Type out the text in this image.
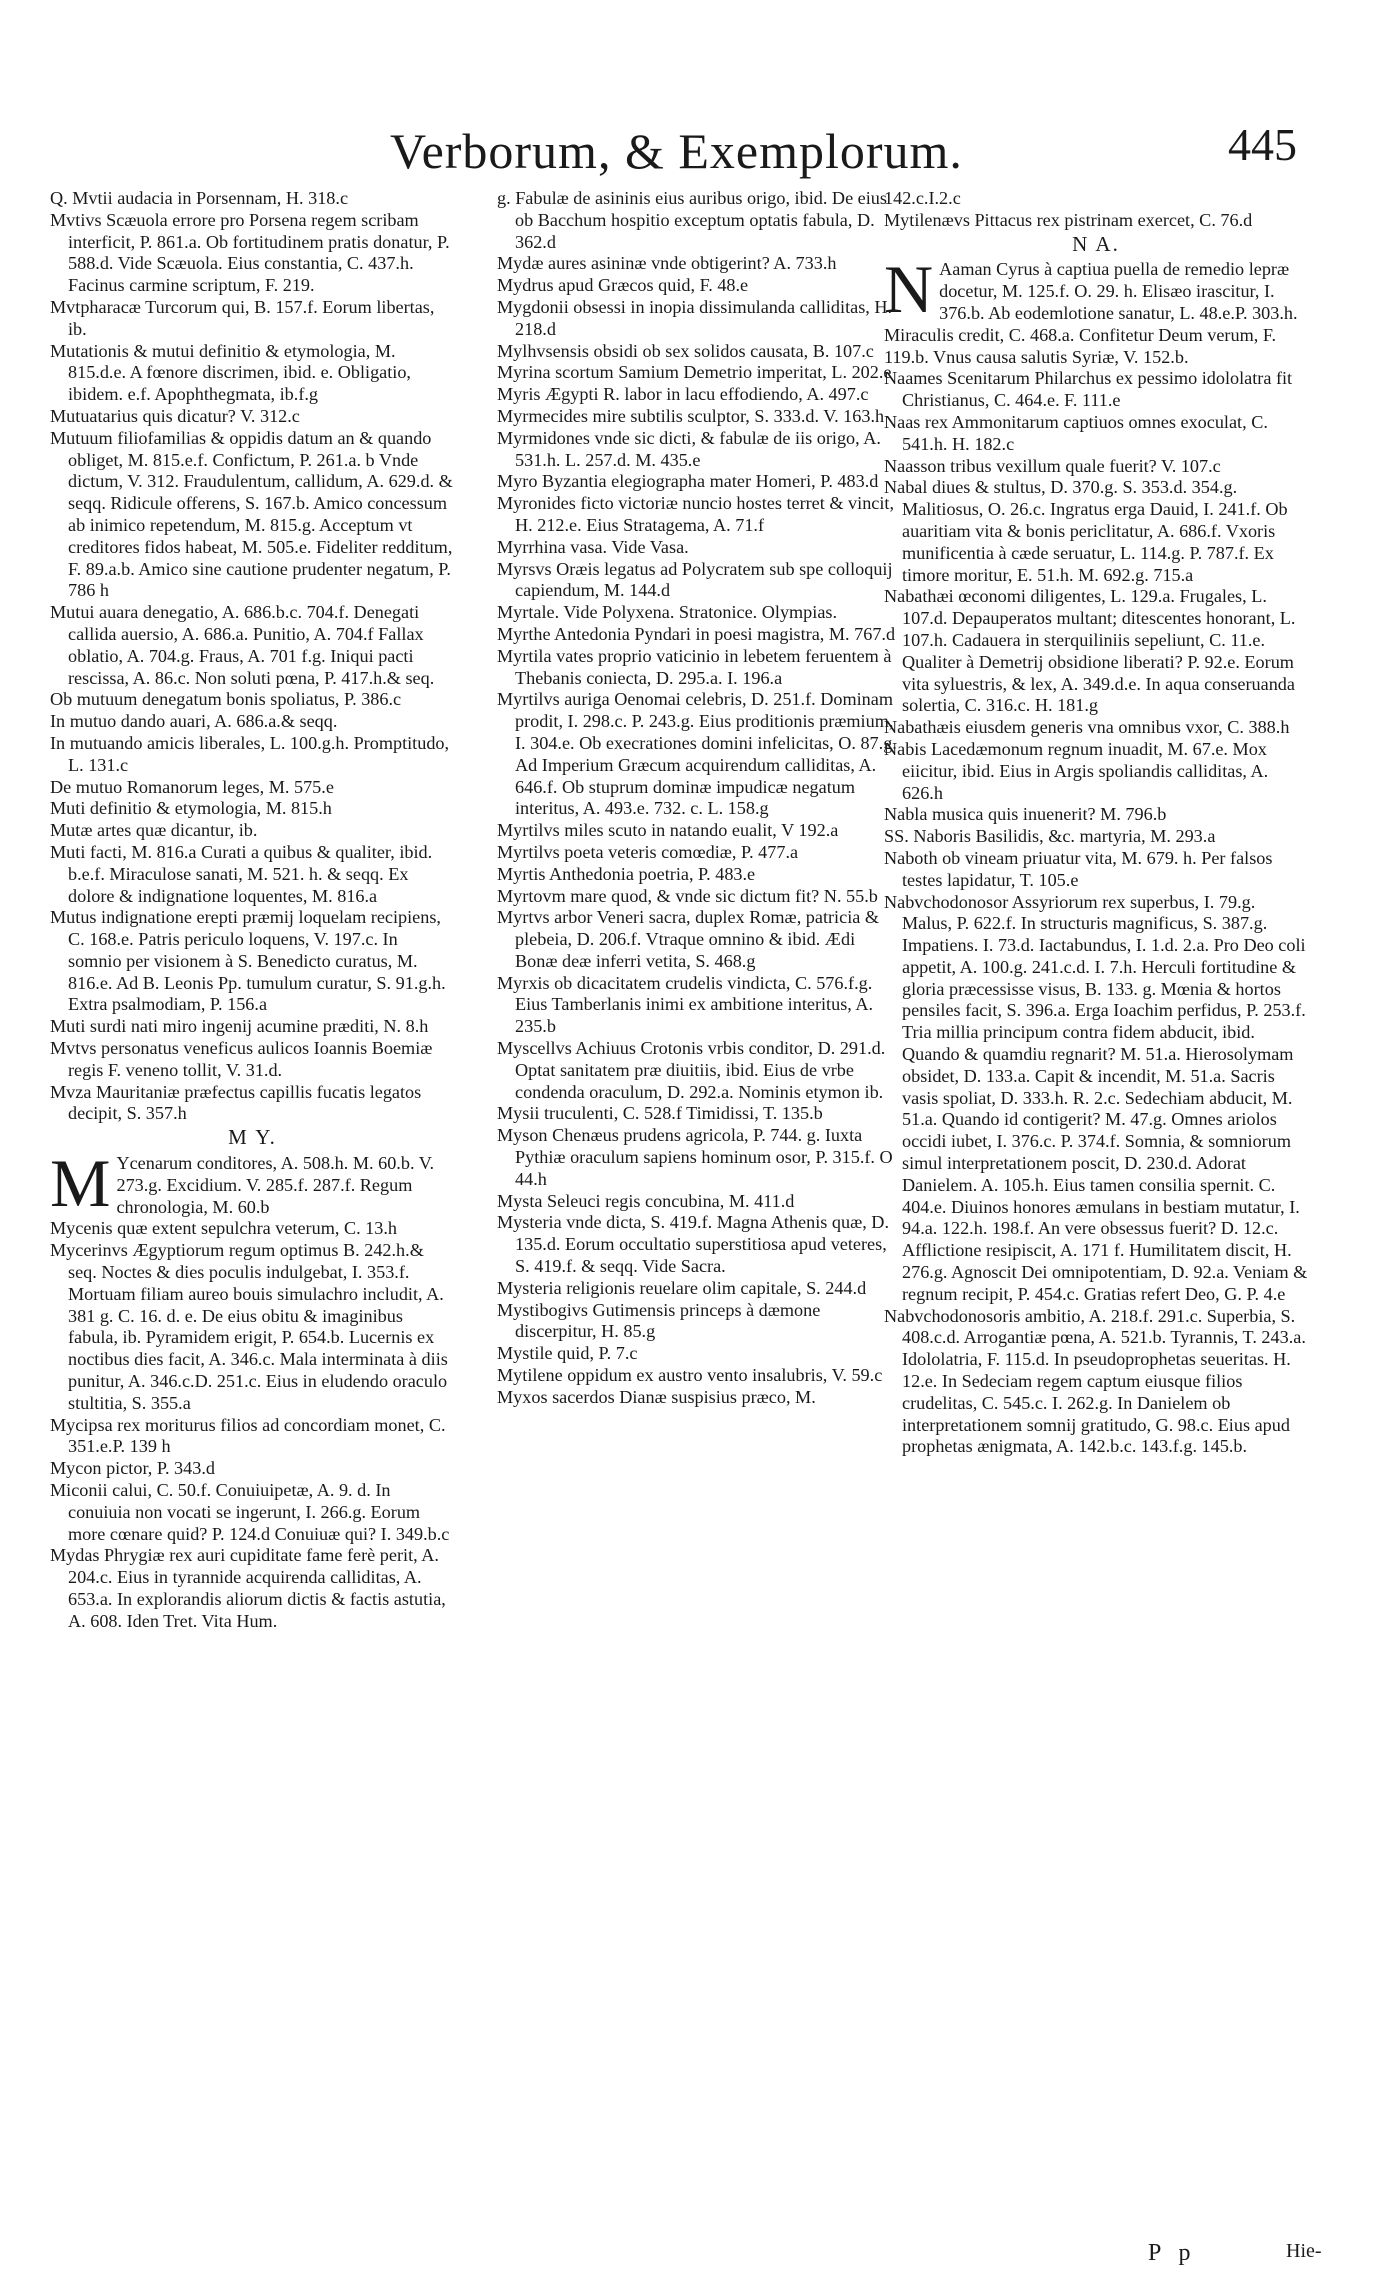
Verborum, & Exemplorum.	445

Q. Mvtii audacia in Porsennam, H. 318.c

Mvtivs Scæuola errore pro Porsena regem scribam interficit, P. 861.a. Ob fortitudinem pratis donatur, P. 588.d. Vide Scæuola. Eius constantia, C. 437.h. Facinus carmine scriptum, F. 219.

Mvtpharacæ Turcorum qui, B. 157.f. Eorum libertas, ib.

Mutationis & mutui definitio & etymologia, M. 815.d.e. A fœnore discrimen, ibid. e. Obligatio, ibidem. e.f. Apophthegmata, ib.f.g

Mutuatarius quis dicatur? V. 312.c

Mutuum filiofamilias & oppidis datum an & quando obliget, M. 815.e.f. Confictum, P. 261.a. b Vnde dictum, V. 312. Fraudulentum, callidum, A. 629.d. & seqq. Ridicule offerens, S. 167.b. Amico concessum ab inimico repetendum, M. 815.g. Acceptum vt creditores fidos habeat, M. 505.e. Fideliter redditum, F. 89.a.b. Amico sine cautione prudenter negatum, P. 786 h

Mutui auara denegatio, A. 686.b.c. 704.f. Denegati callida auersio, A. 686.a. Punitio, A. 704.f Fallax oblatio, A. 704.g. Fraus, A. 701 f.g. Iniqui pacti rescissa, A. 86.c. Non soluti pœna, P. 417.h.& seq.

Ob mutuum denegatum bonis spoliatus, P. 386.c

In mutuo dando auari, A. 686.a.& seqq.

In mutuando amicis liberales, L. 100.g.h. Promptitudo, L. 131.c

De mutuo Romanorum leges, M. 575.e

Muti definitio & etymologia, M. 815.h

Mutæ artes quæ dicantur, ib.

Muti facti, M. 816.a Curati a quibus & qualiter, ibid. b.e.f. Miraculose sanati, M. 521. h. & seqq. Ex dolore & indignatione loquentes, M. 816.a

Mutus indignatione erepti præmij loquelam recipiens, C. 168.e. Patris periculo loquens, V. 197.c. In somnio per visionem à S. Benedicto curatus, M. 816.e. Ad B. Leonis Pp. tumulum curatur, S. 91.g.h. Extra psalmodiam, P. 156.a

Muti surdi nati miro ingenij acumine præditi, N. 8.h

Mvtvs personatus veneficus aulicos Ioannis Boemiæ regis F. veneno tollit, V. 31.d.

Mvza Mauritaniæ præfectus capillis fucatis legatos decipit, S. 357.h

M Y.

M Ycenarum conditores, A. 508.h. M. 60.b. V. 273.g. Excidium. V. 285.f. 287.f. Regum chronologia, M. 60.b

Mycenis quæ extent sepulchra veterum, C. 13.h

Mycerinvs Ægyptiorum regum optimus B. 242.h.& seq. Noctes & dies poculis indulgebat, I. 353.f. Mortuam filiam aureo bouis simulachro includit, A. 381 g. C. 16. d. e. De eius obitu & imaginibus fabula, ib. Pyramidem erigit, P. 654.b. Lucernis ex noctibus dies facit, A. 346.c. Mala interminata à diis punitur, A. 346.c.D. 251.c. Eius in eludendo oraculo stultitia, S. 355.a

Mycipsa rex moriturus filios ad concordiam monet, C. 351.e.P. 139 h

Mycon pictor, P. 343.d

Miconii calui, C. 50.f. Conuiuipetæ, A. 9. d. In conuiuia non vocati se ingerunt, I. 266.g. Eorum more cœnare quid? P. 124.d Conuiuæ qui? I. 349.b.c

Mydas Phrygiæ rex auri cupiditate fame ferè perit, A. 204.c. Eius in tyrannide acquirenda calliditas, A. 653.a. In explorandis aliorum dictis & factis astutia, A. 608. Iden Tret. Vita Hum.

g. Fabulæ de asininis eius auribus origo, ibid. De eius ob Bacchum hospitio exceptum optatis fabula, D. 362.d

Mydæ aures asininæ vnde obtigerint? A. 733.h

Mydrus apud Græcos quid, F. 48.e

Mygdonii obsessi in inopia dissimulanda calliditas, H. 218.d

Mylhvsensis obsidi ob sex solidos causata, B. 107.c

Myrina scortum Samium Demetrio imperitat, L. 202.e

Myris Ægypti R. labor in lacu effodiendo, A. 497.c

Myrmecides mire subtilis sculptor, S. 333.d. V. 163.h

Myrmidones vnde sic dicti, & fabulæ de iis origo, A. 531.h. L. 257.d. M. 435.e

Myro Byzantia elegiographa mater Homeri, P. 483.d

Myronides ficto victoriæ nuncio hostes terret & vincit, H. 212.e. Eius Stratagema, A. 71.f

Myrrhina vasa. Vide Vasa.

Myrsvs Oræis legatus ad Polycratem sub spe colloquij capiendum, M. 144.d

Myrtale. Vide Polyxena. Stratonice. Olympias.

Myrthe Antedonia Pyndari in poesi magistra, M. 767.d

Myrtila vates proprio vaticinio in lebetem feruentem à Thebanis coniecta, D. 295.a. I. 196.a

Myrtilvs auriga Oenomai celebris, D. 251.f. Dominam prodit, I. 298.c. P. 243.g. Eius proditionis præmium, I. 304.e. Ob execrationes domini infelicitas, O. 87.g. Ad Imperium Græcum acquirendum calliditas, A. 646.f. Ob stuprum dominæ impudicæ negatum interitus, A. 493.e. 732. c. L. 158.g

Myrtilvs miles scuto in natando eualit, V 192.a

Myrtilvs poeta veteris comœdiæ, P. 477.a

Myrtis Anthedonia poetria, P. 483.e

Myrtovm mare quod, & vnde sic dictum fit? N. 55.b

Myrtvs arbor Veneri sacra, duplex Romæ, patricia & plebeia, D. 206.f. Vtraque omnino & ibid. Ædi Bonæ deæ inferri vetita, S. 468.g

Myrxis ob dicacitatem crudelis vindicta, C. 576.f.g. Eius Tamberlanis inimi ex ambitione interitus, A. 235.b

Myscellvs Achiuus Crotonis vrbis conditor, D. 291.d. Optat sanitatem præ diuitiis, ibid. Eius de vrbe condenda oraculum, D. 292.a. Nominis etymon ib.

Mysii truculenti, C. 528.f Timidissi, T. 135.b

Myson Chenæus prudens agricola, P. 744. g. Iuxta Pythiæ oraculum sapiens hominum osor, P. 315.f. O 44.h

Mysta Seleuci regis concubina, M. 411.d

Mysteria vnde dicta, S. 419.f. Magna Athenis quæ, D. 135.d. Eorum occultatio superstitiosa apud veteres, S. 419.f. & seqq. Vide Sacra.

Mysteria religionis reuelare olim capitale, S. 244.d

Mystibogivs Gutimensis princeps à dæmone discerpitur, H. 85.g

Mystile quid, P. 7.c

Mytilene oppidum ex austro vento insalubris, V. 59.c

Myxos sacerdos Dianæ suspisius præco, M.

142.c.I.2.c

Mytilenævs Pittacus rex pistrinam exercet, C. 76.d

N A.

N Aaman Cyrus à captiua puella de remedio lepræ docetur, M. 125.f. O. 29. h. Elisæo irascitur, I. 376.b. Ab eodemlotione sanatur, L. 48.e.P. 303.h. Miraculis credit, C. 468.a. Confitetur Deum verum, F. 119.b. Vnus causa salutis Syriæ, V. 152.b.

Naames Scenitarum Philarchus ex pessimo idololatra fit Christianus, C. 464.e. F. 111.e

Naas rex Ammonitarum captiuos omnes exoculat, C. 541.h. H. 182.c

Naasson tribus vexillum quale fuerit? V. 107.c

Nabal diues & stultus, D. 370.g. S. 353.d. 354.g. Malitiosus, O. 26.c. Ingratus erga Dauid, I. 241.f. Ob auaritiam vita & bonis periclitatur, A. 686.f. Vxoris munificentia à cæde seruatur, L. 114.g. P. 787.f. Ex timore moritur, E. 51.h. M. 692.g. 715.a

Nabathæi œconomi diligentes, L. 129.a. Frugales, L. 107.d. Depauperatos multant; ditescentes honorant, L. 107.h. Cadauera in sterquiliniis sepeliunt, C. 11.e. Qualiter à Demetrij obsidione liberati? P. 92.e. Eorum vita syluestris, & lex, A. 349.d.e. In aqua conseruanda solertia, C. 316.c. H. 181.g

Nabathæis eiusdem generis vna omnibus vxor, C. 388.h

Nabis Lacedæmonum regnum inuadit, M. 67.e. Mox eiicitur, ibid. Eius in Argis spoliandis calliditas, A. 626.h

Nabla musica quis inuenerit? M. 796.b

SS. Naboris Basilidis, &c. martyria, M. 293.a

Naboth ob vineam priuatur vita, M. 679. h. Per falsos testes lapidatur, T. 105.e

Nabvchodonosor Assyriorum rex superbus, I. 79.g. Malus, P. 622.f. In structuris magnificus, S. 387.g. Impatiens. I. 73.d. Iactabundus, I. 1.d. 2.a. Pro Deo coli appetit, A. 100.g. 241.c.d. I. 7.h. Herculi fortitudine & gloria præcessisse visus, B. 133. g. Mœnia & hortos pensiles facit, S. 396.a. Erga Ioachim perfidus, P. 253.f. Tria millia principum contra fidem abducit, ibid. Quando & quamdiu regnarit? M. 51.a. Hierosolymam obsidet, D. 133.a. Capit & incendit, M. 51.a. Sacris vasis spoliat, D. 333.h. R. 2.c. Sedechiam abducit, M. 51.a. Quando id contigerit? M. 47.g. Omnes ariolos occidi iubet, I. 376.c. P. 374.f. Somnia, & somniorum simul interpretationem poscit, D. 230.d. Adorat Danielem. A. 105.h. Eius tamen consilia spernit. C. 404.e. Diuinos honores æmulans in bestiam mutatur, I. 94.a. 122.h. 198.f. An vere obsessus fuerit? D. 12.c. Afflictione resipiscit, A. 171 f. Humilitatem discit, H. 276.g. Agnoscit Dei omnipotentiam, D. 92.a. Veniam & regnum recipit, P. 454.c. Gratias refert Deo, G. P. 4.e

Nabvchodonosoris ambitio, A. 218.f. 291.c. Superbia, S. 408.c.d. Arrogantiæ pœna, A. 521.b. Tyrannis, T. 243.a. Idololatria, F. 115.d. In pseudoprophetas seueritas. H. 12.e. In Sedeciam regem captum eiusque filios crudelitas, C. 545.c. I. 262.g. In Danielem ob interpretationem somnij gratitudo, G. 98.c. Eius apud prophetas ænigmata, A. 142.b.c. 143.f.g. 145.b.

P p	Hie-
